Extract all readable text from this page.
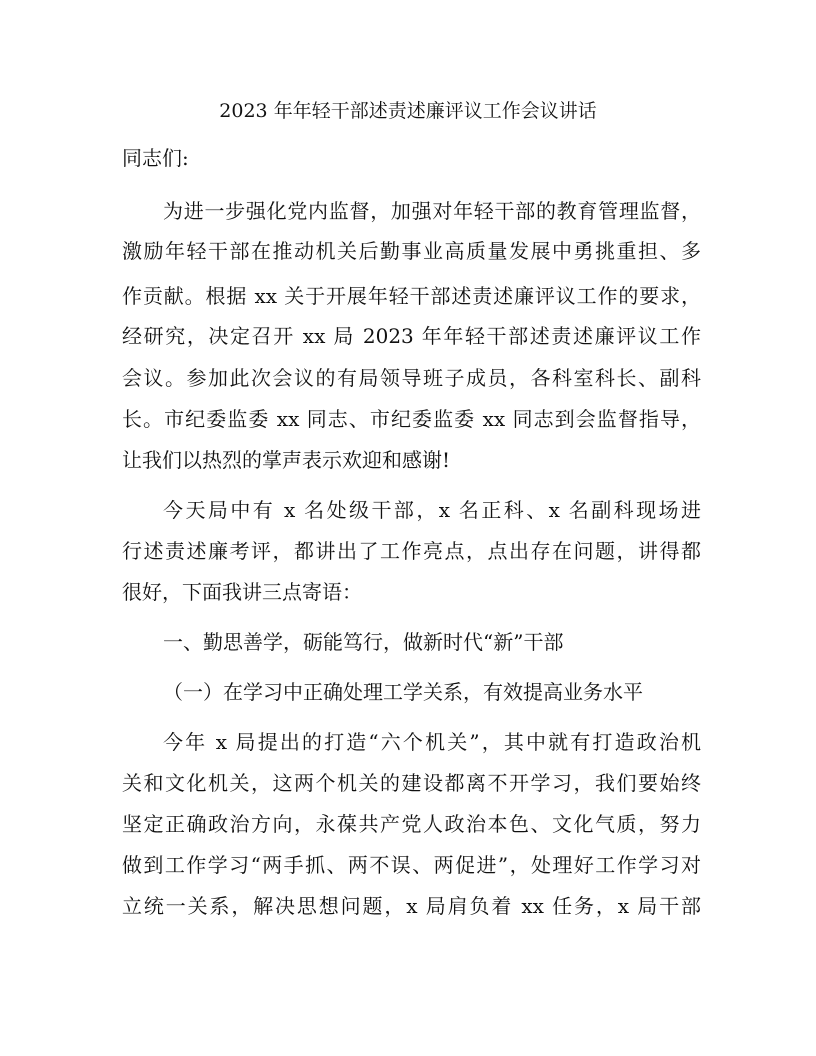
2023 年年轻干部述责述廉评议工作会议讲话
同志们:
为进一步强化党内监督，加强对年轻干部的教育管理监督，
激励年轻干部在推动机关后勤事业高质量发展中勇挑重担、多
作贡献。根据 xx 关于开展年轻干部述责述廉评议工作的要求，
经研究，决定召开 xx 局 2023 年年轻干部述责述廉评议工作
会议。参加此次会议的有局领导班子成员，各科室科长、副科
长。市纪委监委 xx 同志、市纪委监委 xx 同志到会监督指导，
让我们以热烈的掌声表示欢迎和感谢!
今天局中有 x 名处级干部，x 名正科、x 名副科现场进
行述责述廉考评，都讲出了工作亮点，点出存在问题，讲得都
很好，下面我讲三点寄语：
一、勤思善学，砺能笃行，做新时代“新”干部
（一）在学习中正确处理工学关系，有效提高业务水平
今年 x 局提出的打造“六个机关”，其中就有打造政治机
关和文化机关，这两个机关的建设都离不开学习，我们要始终
坚定正确政治方向，永葆共产党人政治本色、文化气质，努力
做到工作学习“两手抓、两不误、两促进”，处理好工作学习对
立统一关系，解决思想问题，x 局肩负着 xx 任务，x 局干部
